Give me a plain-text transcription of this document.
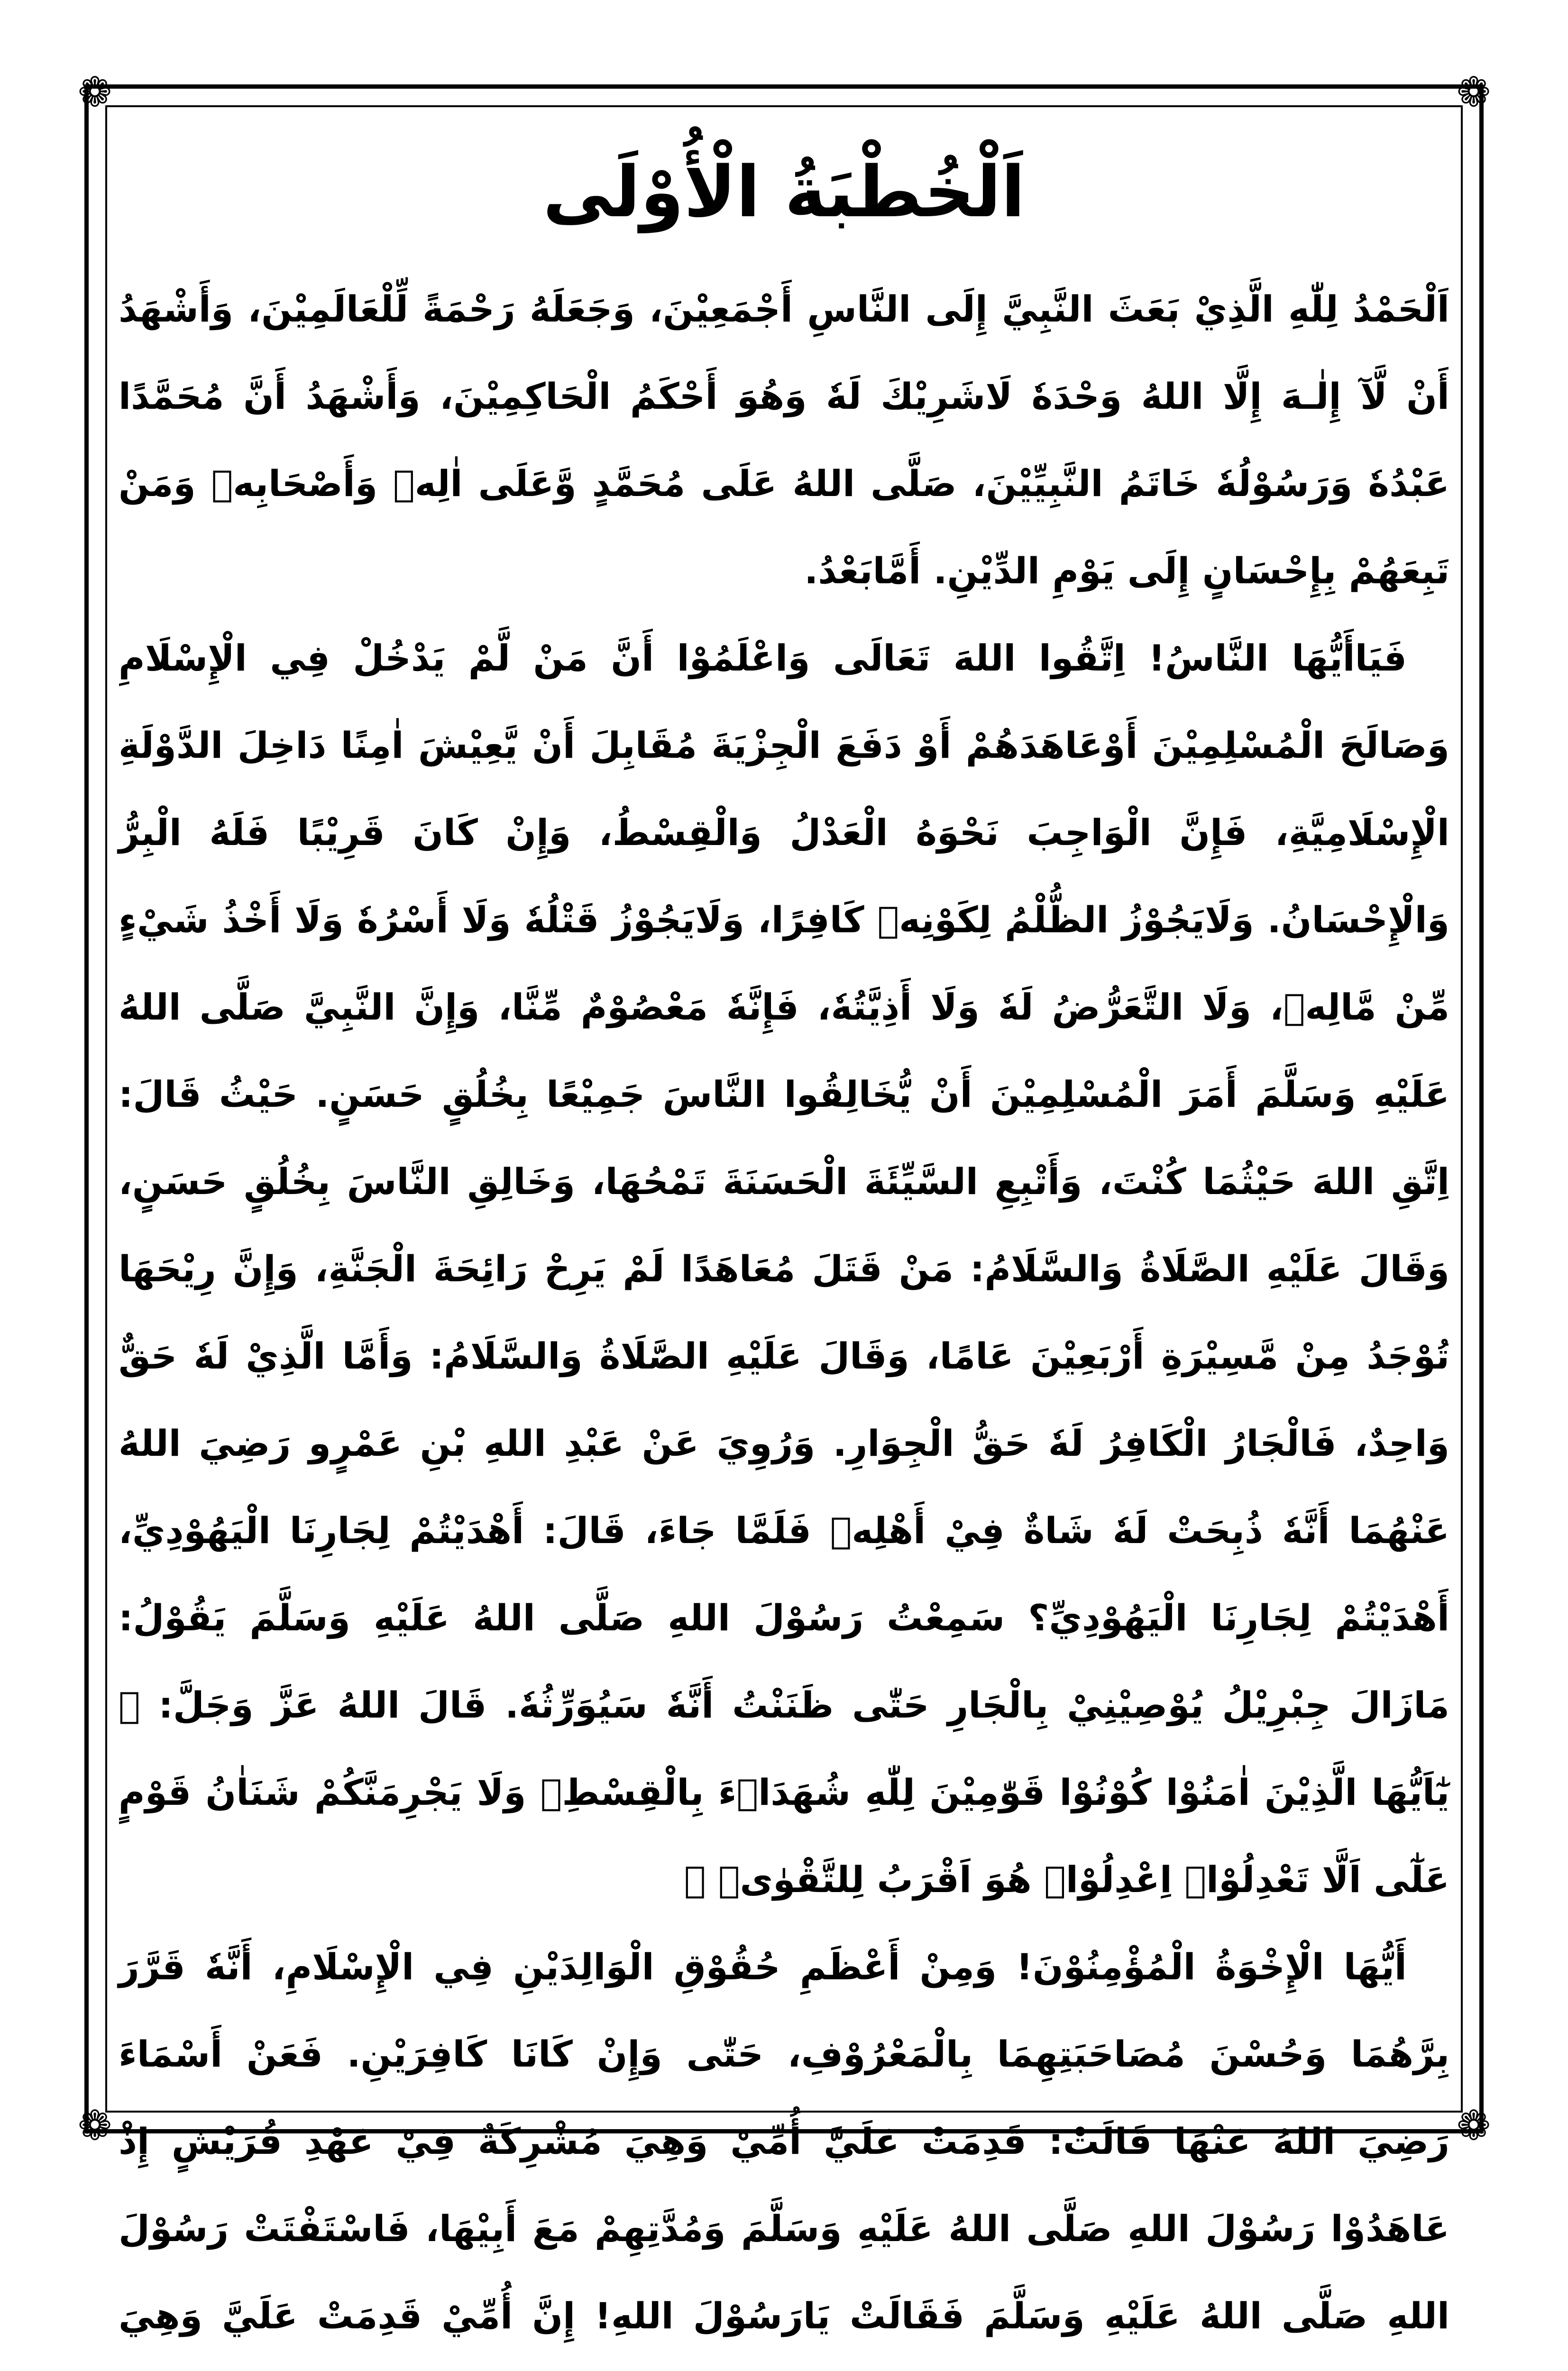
❁	❁
❁	❁
اَلْخُطْبَةُ الْأُوْلَى

اَلْحَمْدُ لِلّٰهِ الَّذِيْ بَعَثَ النَّبِيَّ إِلَى النَّاسِ أَجْمَعِيْنَ، وَجَعَلَهُ رَحْمَةً لِّلْعَالَمِيْنَ، وَأَشْهَدُ أَنْ لَّآ إِلٰـهَ إِلَّا اللهُ وَحْدَهٗ لَاشَرِيْكَ لَهٗ وَهُوَ أَحْكَمُ الْحَاكِمِيْنَ، وَأَشْهَدُ أَنَّ مُحَمَّدًا عَبْدُهٗ وَرَسُوْلُهٗ خَاتَمُ النَّبِيِّيْنَ، صَلَّى اللهُ عَلَى مُحَمَّدٍ وَّعَلَى اٰلِهٖ وَأَصْحَابِهٖ وَمَنْ تَبِعَهُمْ بِإِحْسَانٍ إِلَى يَوْمِ الدِّيْنِ. أَمَّابَعْدُ.

فَيَاأَيُّهَا النَّاسُ! اِتَّقُوا اللهَ تَعَالَى وَاعْلَمُوْا أَنَّ مَنْ لَّمْ يَدْخُلْ فِي الْإِسْلَامِ وَصَالَحَ الْمُسْلِمِيْنَ أَوْعَاهَدَهُمْ أَوْ دَفَعَ الْجِزْيَةَ مُقَابِلَ أَنْ يَّعِيْشَ اٰمِنًا دَاخِلَ الدَّوْلَةِ الْإِسْلَامِيَّةِ، فَإِنَّ الْوَاجِبَ نَحْوَهُ الْعَدْلُ وَالْقِسْطُ، وَإِنْ كَانَ قَرِيْبًا فَلَهُ الْبِرُّ وَالْإِحْسَانُ. وَلَايَجُوْزُ الظُّلْمُ لِكَوْنِهٖ كَافِرًا، وَلَايَجُوْزُ قَتْلُهٗ وَلَا أَسْرُهٗ وَلَا أَخْذُ شَيْءٍ مِّنْ مَّالِهٖ، وَلَا التَّعَرُّضُ لَهٗ وَلَا أَذِيَّتُهٗ، فَإِنَّهٗ مَعْصُوْمٌ مِّنَّا، وَإِنَّ النَّبِيَّ صَلَّى اللهُ عَلَيْهِ وَسَلَّمَ أَمَرَ الْمُسْلِمِيْنَ أَنْ يُّخَالِقُوا النَّاسَ جَمِيْعًا بِخُلُقٍ حَسَنٍ. حَيْثُ قَالَ: اِتَّقِ اللهَ حَيْثُمَا كُنْتَ، وَأَتْبِعِ السَّيِّئَةَ الْحَسَنَةَ تَمْحُهَا، وَخَالِقِ النَّاسَ بِخُلُقٍ حَسَنٍ، وَقَالَ عَلَيْهِ الصَّلَاةُ وَالسَّلَامُ: مَنْ قَتَلَ مُعَاهَدًا لَمْ يَرِحْ رَائِحَةَ الْجَنَّةِ، وَإِنَّ رِيْحَهَا تُوْجَدُ مِنْ مَّسِيْرَةِ أَرْبَعِيْنَ عَامًا، وَقَالَ عَلَيْهِ الصَّلَاةُ وَالسَّلَامُ: وَأَمَّا الَّذِيْ لَهٗ حَقٌّ وَاحِدٌ، فَالْجَارُ الْكَافِرُ لَهٗ حَقُّ الْجِوَارِ. وَرُوِيَ عَنْ عَبْدِ اللهِ بْنِ عَمْرٍو رَضِيَ اللهُ عَنْهُمَا أَنَّهٗ ذُبِحَتْ لَهٗ شَاةٌ فِيْ أَهْلِهٖ فَلَمَّا جَاءَ، قَالَ: أَهْدَيْتُمْ لِجَارِنَا الْيَهُوْدِيِّ، أَهْدَيْتُمْ لِجَارِنَا الْيَهُوْدِيِّ؟ سَمِعْتُ رَسُوْلَ اللهِ صَلَّى اللهُ عَلَيْهِ وَسَلَّمَ يَقُوْلُ: مَازَالَ جِبْرِيْلُ يُوْصِيْنِيْ بِالْجَارِ حَتّٰى ظَنَنْتُ أَنَّهٗ سَيُوَرِّثُهٗ. قَالَ اللهُ عَزَّ وَجَلَّ: ﴿ يٰٓاَيُّهَا الَّذِيْنَ اٰمَنُوْا كُوْنُوْا قَوّٰمِيْنَ لِلّٰهِ شُهَدَاۤءَ بِالْقِسْطِۖ وَلَا يَجْرِمَنَّكُمْ شَنَاٰنُ قَوْمٍ عَلٰٓى اَلَّا تَعْدِلُوْاۗ اِعْدِلُوْاۗ هُوَ اَقْرَبُ لِلتَّقْوٰىۖ ﴾

أَيُّهَا الْإِخْوَةُ الْمُؤْمِنُوْنَ! وَمِنْ أَعْظَمِ حُقُوْقِ الْوَالِدَيْنِ فِي الْإِسْلَامِ، أَنَّهٗ قَرَّرَ بِرَّهُمَا وَحُسْنَ مُصَاحَبَتِهِمَا بِالْمَعْرُوْفِ، حَتّٰى وَإِنْ كَانَا كَافِرَيْنِ. فَعَنْ أَسْمَاءَ رَضِيَ اللهُ عَنْهَا قَالَتْ: قَدِمَتْ عَلَيَّ أُمِّيْ وَهِيَ مُشْرِكَةٌ فِيْ عَهْدِ قُرَيْشٍ إِذْ عَاهَدُوْا رَسُوْلَ اللهِ صَلَّى اللهُ عَلَيْهِ وَسَلَّمَ وَمُدَّتِهِمْ مَعَ أَبِيْهَا، فَاسْتَفْتَتْ رَسُوْلَ اللهِ صَلَّى اللهُ عَلَيْهِ وَسَلَّمَ فَقَالَتْ يَارَسُوْلَ اللهِ! إِنَّ أُمِّيْ قَدِمَتْ عَلَيَّ وَهِيَ
